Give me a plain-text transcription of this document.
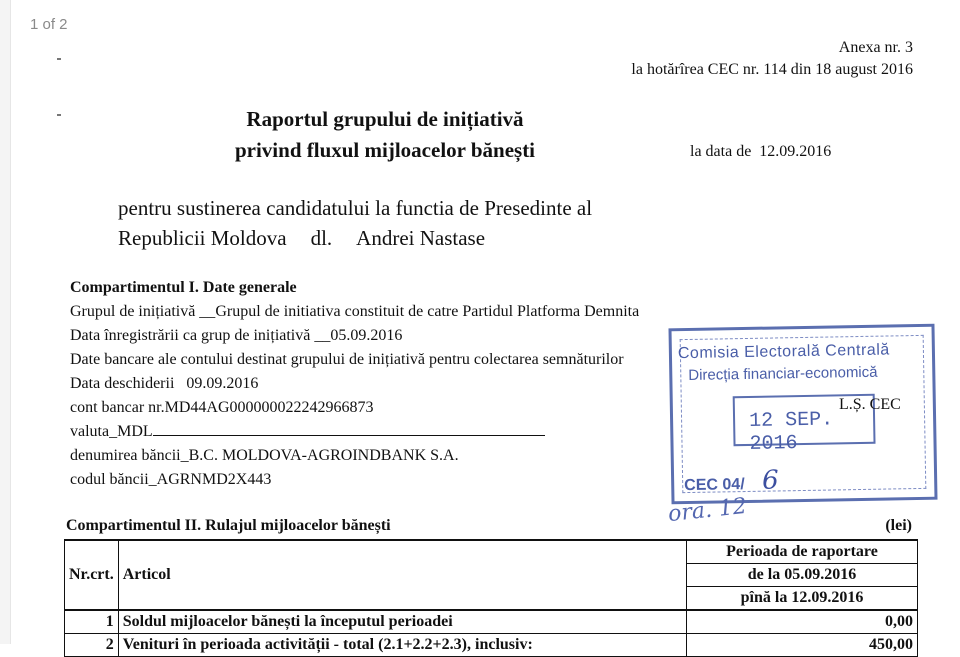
1 of 2
Anexa nr. 3
la hotărîrea CEC nr. 114 din 18 august 2016
Raportul grupului de inițiativă
privind fluxul mijloacelor bănești	la data de 12.09.2016
pentru sustinerea candidatului la functia de Presedinte al
Republicii Moldova dl. Andrei Nastase
Compartimentul I. Date generale
Grupul de inițiativă __Grupul de initiativa constituit de catre Partidul Platforma Demnita
Data înregistrării ca grup de inițiativă __05.09.2016
Date bancare ale contului destinat grupului de inițiativă pentru colectarea semnăturilor
Data deschiderii 09.09.2016
cont bancar nr.MD44AG000000022242966873
valuta_MDL
denumirea băncii_B.C. MOLDOVA-AGROINDBANK S.A.
codul băncii_AGRNMD2X443
Comisia Electorală Centrală
Direcția financiar-economică
12 SEP. 2016
CEC 04/ 6
L.Ș. CEC
ora. 12
Compartimentul II. Rulajul mijloacelor bănești	(lei)
Nr.crt.	Articol	Perioada de raportare
		de la 05.09.2016
		pînă la 12.09.2016
1	Soldul mijloacelor bănești la începutul perioadei	0,00
2	Venituri în perioada activității - total (2.1+2.2+2.3), inclusiv:	450,00
